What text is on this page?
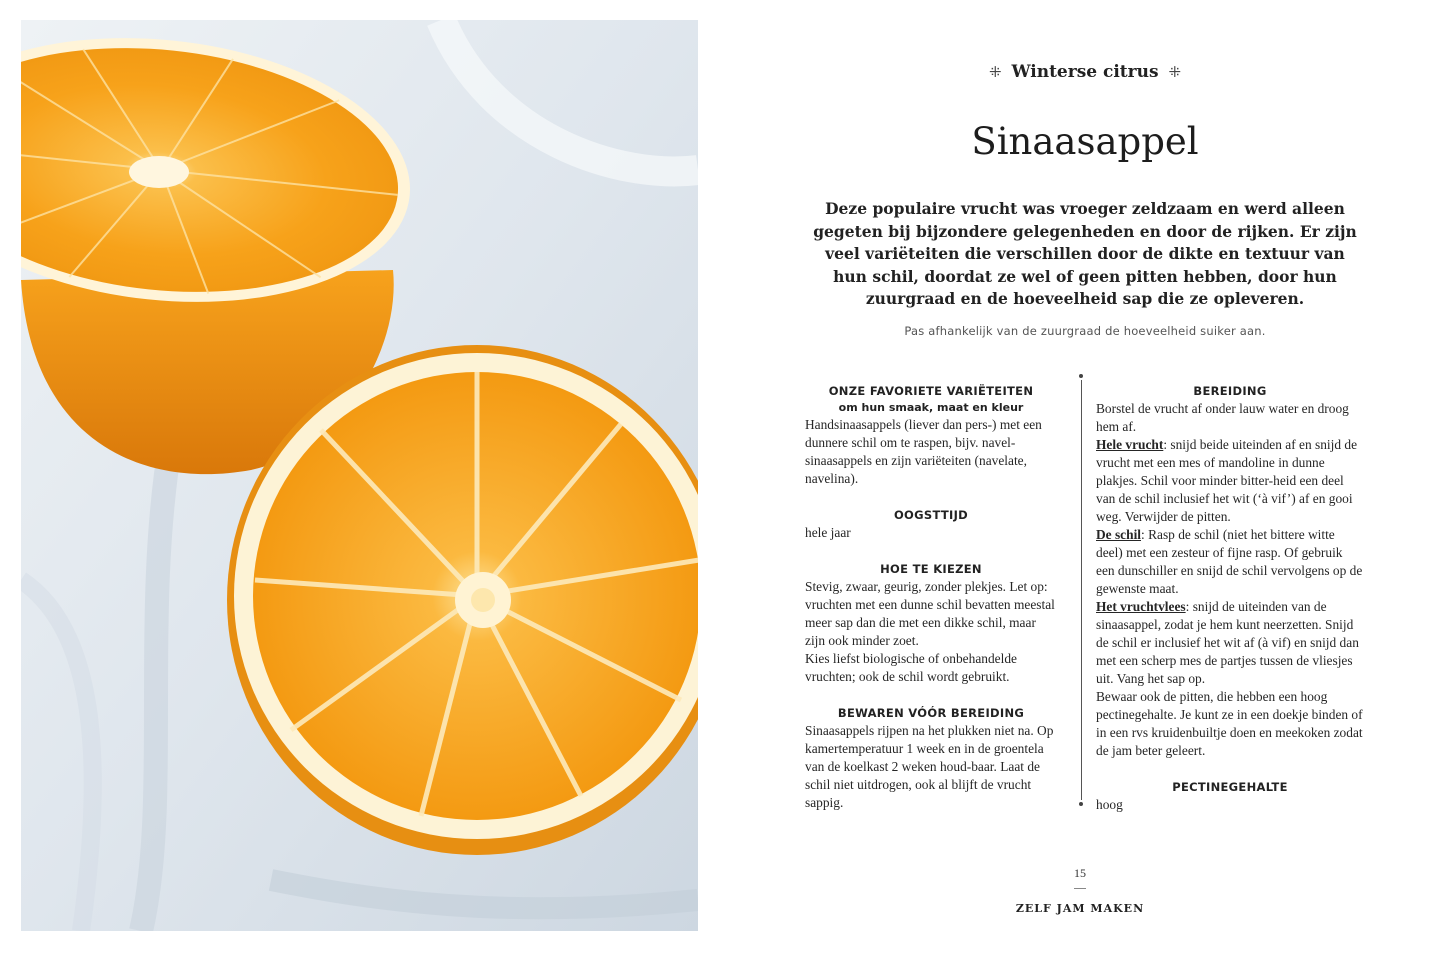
⁜ Winterse citrus ⁜
Sinaasappel

Deze populaire vrucht was vroeger zeldzaam en werd alleen gegeten bij bijzondere gelegenheden en door de rijken. Er zijn veel variëteiten die verschillen door de dikte en textuur van hun schil, doordat ze wel of geen pitten hebben, door hun zuurgraad en de hoeveelheid sap die ze opleveren.

Pas afhankelijk van de zuurgraad de hoeveelheid suiker aan.
ONZE FAVORIETE VARIËTEITEN
om hun smaak, maat en kleur

Handsinaasappels (liever dan pers-) met een dunnere schil om te raspen, bijv. navel-sinaasappels en zijn variëteiten (navelate, navelina).

OOGSTTIJD

hele jaar

HOE TE KIEZEN

Stevig, zwaar, geurig, zonder plekjes. Let op: vruchten met een dunne schil bevatten meestal meer sap dan die met een dikke schil, maar zijn ook minder zoet.

Kies liefst biologische of onbehandelde vruchten; ook de schil wordt gebruikt.

BEWAREN VÓÓR BEREIDING

Sinaasappels rijpen na het plukken niet na. Op kamertemperatuur 1 week en in de groentela van de koelkast 2 weken houd-baar. Laat de schil niet uitdrogen, ook al blijft de vrucht sappig.

BEREIDING

Borstel de vrucht af onder lauw water en droog hem af.

Hele vrucht: snijd beide uiteinden af en snijd de vrucht met een mes of mandoline in dunne plakjes. Schil voor minder bitter-heid een deel van de schil inclusief het wit (‘à vif’) af en gooi weg. Verwijder de pitten.

De schil: Rasp de schil (niet het bittere witte deel) met een zesteur of fijne rasp. Of gebruik een dunschiller en snijd de schil vervolgens op de gewenste maat.

Het vruchtvlees: snijd de uiteinden van de sinaasappel, zodat je hem kunt neerzetten. Snijd de schil er inclusief het wit af (à vif) en snijd dan met een scherp mes de partjes tussen de vliesjes uit. Vang het sap op.

Bewaar ook de pitten, die hebben een hoog pectinegehalte. Je kunt ze in een doekje binden of in een rvs kruidenbuiltje doen en meekoken zodat de jam beter geleert.

PECTINEGEHALTE

hoog

15
ZELF JAM MAKEN
